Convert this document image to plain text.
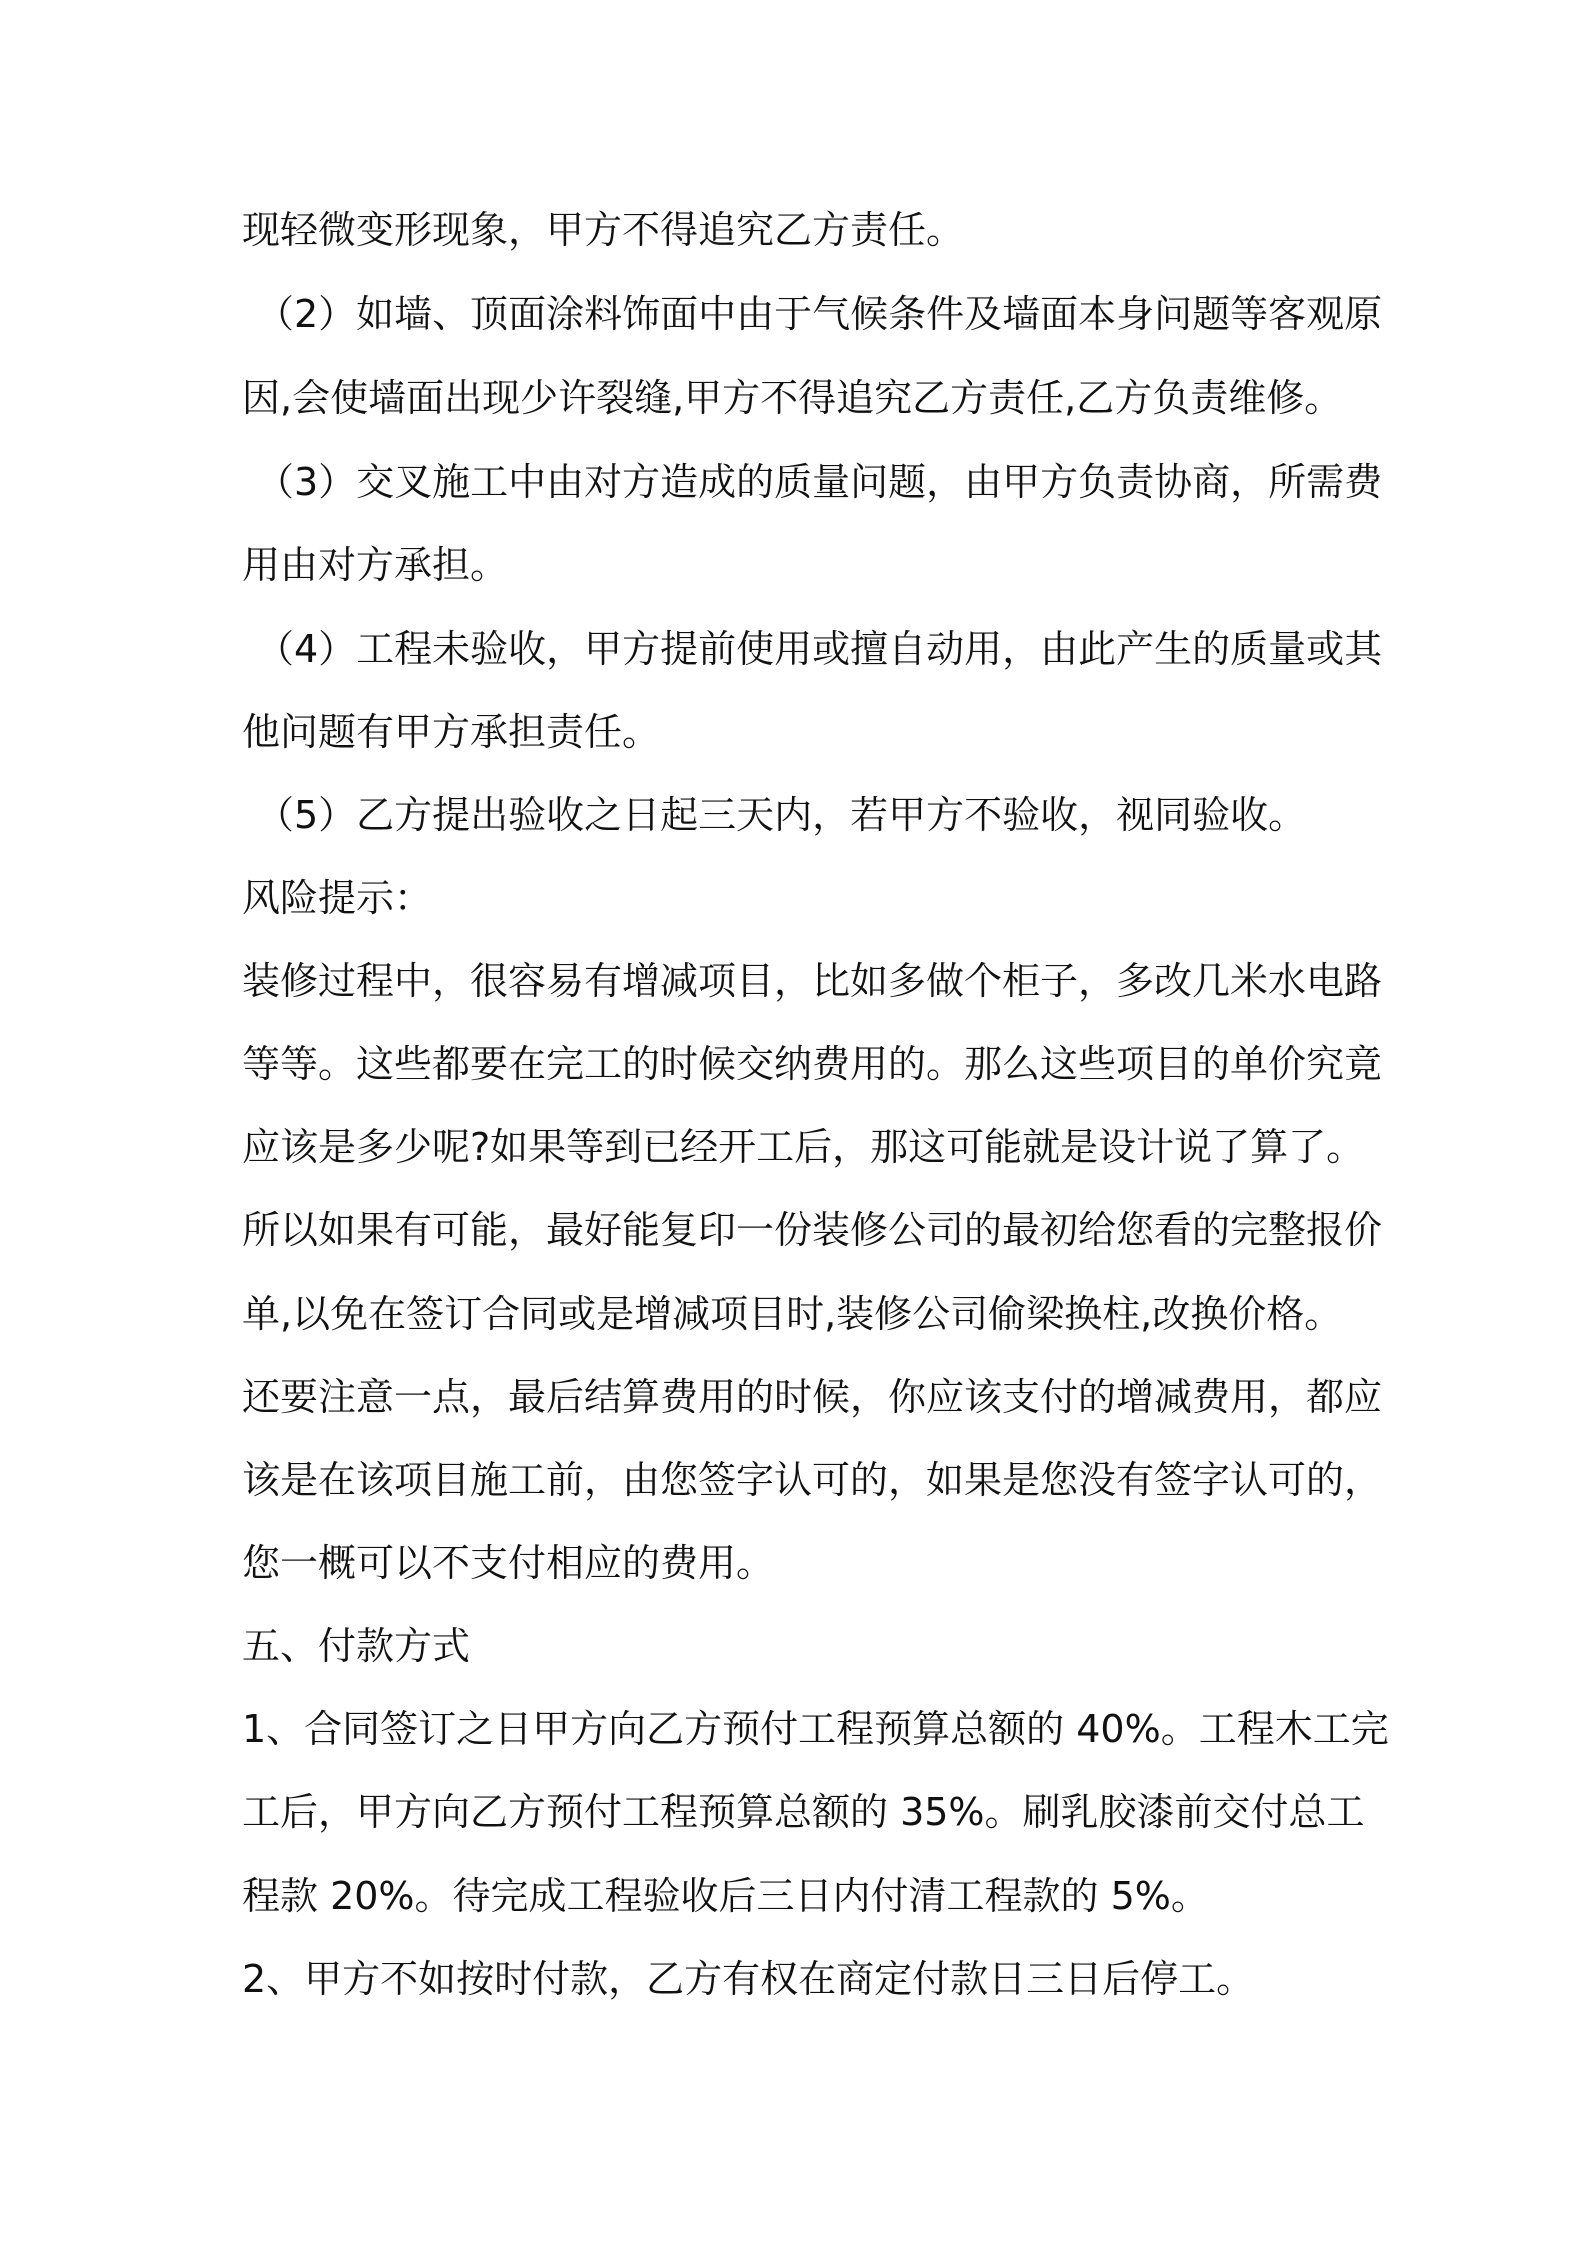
现轻微变形现象，甲方不得追究乙方责任。
（2）如墙、顶面涂料饰面中由于气候条件及墙面本身问题等客观原
因,会使墙面出现少许裂缝,甲方不得追究乙方责任,乙方负责维修。
（3）交叉施工中由对方造成的质量问题，由甲方负责协商，所需费
用由对方承担。
（4）工程未验收，甲方提前使用或擅自动用，由此产生的质量或其
他问题有甲方承担责任。
（5）乙方提出验收之日起三天内，若甲方不验收，视同验收。
风险提示：
装修过程中，很容易有增减项目，比如多做个柜子，多改几米水电路
等等。这些都要在完工的时候交纳费用的。那么这些项目的单价究竟
应该是多少呢?如果等到已经开工后，那这可能就是设计说了算了。
所以如果有可能，最好能复印一份装修公司的最初给您看的完整报价
单,以免在签订合同或是增减项目时,装修公司偷梁换柱,改换价格。
还要注意一点，最后结算费用的时候，你应该支付的增减费用，都应
该是在该项目施工前，由您签字认可的，如果是您没有签字认可的，
您一概可以不支付相应的费用。
五、付款方式
1、合同签订之日甲方向乙方预付工程预算总额的 40%。工程木工完
工后，甲方向乙方预付工程预算总额的 35%。刷乳胶漆前交付总工
程款 20%。待完成工程验收后三日内付清工程款的 5%。
2、甲方不如按时付款，乙方有权在商定付款日三日后停工。
